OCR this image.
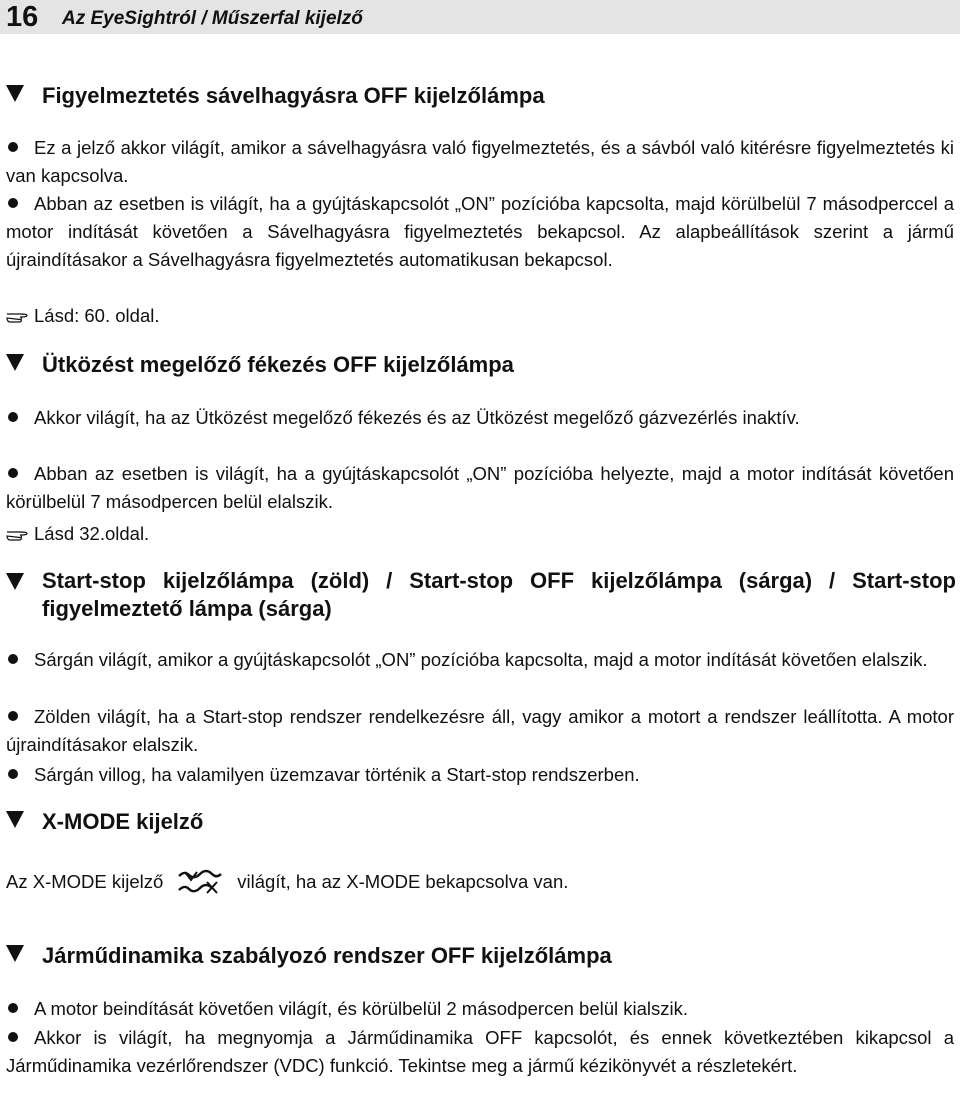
16 Az EyeSightról / Műszerfal kijelző
Figyelmeztetés sávelhagyásra OFF kijelzőlámpa
Ez a jelző akkor világít, amikor a sávelhagyásra való figyelmeztetés, és a sávból való kitérésre figyelmeztetés ki van kapcsolva.
Abban az esetben is világít, ha a gyújtáskapcsolót „ON” pozícióba kapcsolta, majd körülbelül 7 másodperccel a motor indítását követően a Sávelhagyásra figyelmeztetés bekapcsol. Az alapbeállítások szerint a jármű újraindításakor a Sávelhagyásra figyelmeztetés automatikusan bekapcsol.
Lásd: 60. oldal.
Ütközést megelőző fékezés OFF kijelzőlámpa
Akkor világít, ha az Ütközést megelőző fékezés és az Ütközést megelőző gázvezérlés inaktív.
Abban az esetben is világít, ha a gyújtáskapcsolót „ON” pozícióba helyezte, majd a motor indítását követően körülbelül 7 másodpercen belül elalszik.
Lásd 32.oldal.
Start-stop kijelzőlámpa (zöld) / Start-stop OFF kijelzőlámpa (sárga) / Start-stop figyelmeztető lámpa (sárga)
Sárgán világít, amikor a gyújtáskapcsolót „ON” pozícióba kapcsolta, majd a motor indítását követően elalszik.
Zölden világít, ha a Start-stop rendszer rendelkezésre áll, vagy amikor a motort a rendszer leállította. A motor újraindításakor elalszik.
Sárgán villog, ha valamilyen üzemzavar történik a Start-stop rendszerben.
X-MODE kijelző
Az X-MODE kijelző	világít, ha az X-MODE bekapcsolva van.
Járműdinamika szabályozó rendszer OFF kijelzőlámpa
A motor beindítását követően világít, és körülbelül 2 másodpercen belül kialszik.
Akkor is világít, ha megnyomja a Járműdinamika OFF kapcsolót, és ennek következtében kikapcsol a Járműdinamika vezérlőrendszer (VDC) funkció. Tekintse meg a jármű kézikönyvét a részletekért.
